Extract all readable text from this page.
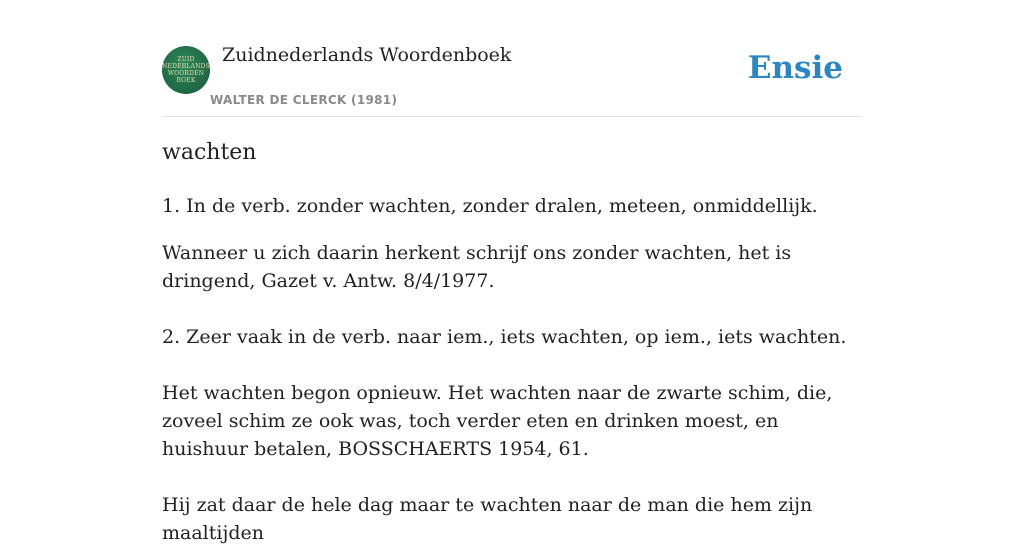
ZUID
NEDERLANDS
WOORDEN
BOEK
Zuidnederlands Woordenboek
WALTER DE CLERCK (1981)
Ensie
wachten

1. In de verb. zonder wachten, zonder dralen, meteen, onmiddellijk.

Wanneer u zich daarin herkent schrijf ons zonder wachten, het is dringend, Gazet v. Antw. 8/4/1977.

2. Zeer vaak in de verb. naar iem., iets wachten, op iem., iets wachten.

Het wachten begon opnieuw. Het wachten naar de zwarte schim, die, zoveel schim ze ook was, toch verder eten en drinken moest, en huishuur betalen, BOSSCHAERTS 1954, 61.

Hij zat daar de hele dag maar te wachten naar de man die hem zijn maaltijden
